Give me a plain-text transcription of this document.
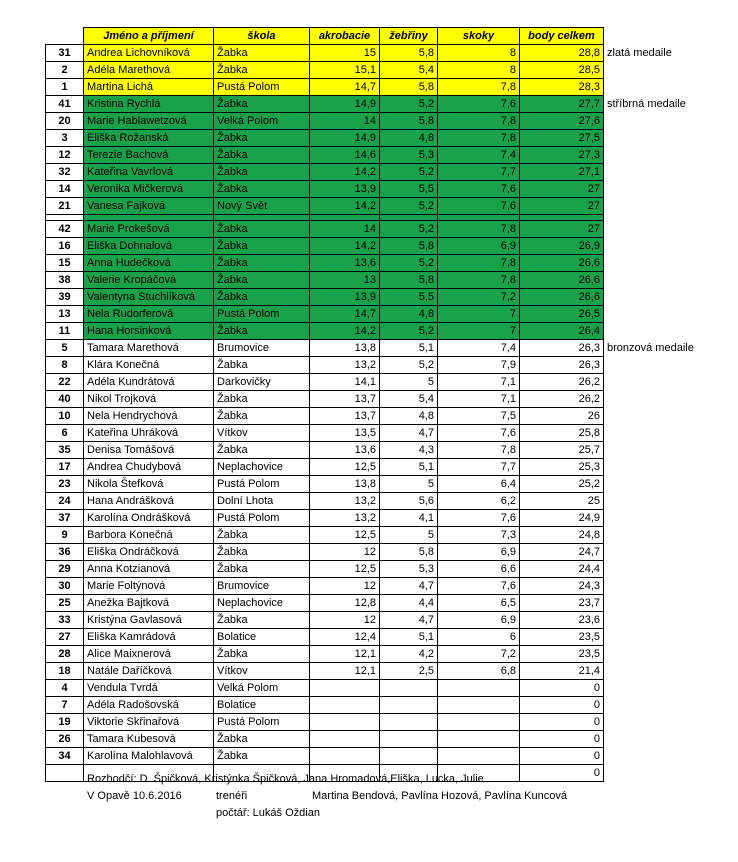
	Jméno a příjmení	škola	akrobacie	žebřiny	skoky	body celkem	
31	Andrea Lichovníková	Žabka	15	5,8	8	28,8	zlatá medaile
2	Adéla Marethová	Žabka	15,1	5,4	8	28,5	
1	Martina Lichá	Pustá Polom	14,7	5,8	7,8	28,3	
41	Kristina Rychlá	Žabka	14,9	5,2	7,6	27,7	stříbrná medaile
20	Marie Hablawetzová	Velká Polom	14	5,8	7,8	27,6	
3	Eliška Rožanská	Žabka	14,9	4,8	7,8	27,5	
12	Terezie Bachová	Žabka	14,6	5,3	7,4	27,3	
32	Kateřina Vavrlová	Žabka	14,2	5,2	7,7	27,1	
14	Veronika Mičkerová	Žabka	13,9	5,5	7,6	27	
21	Vanesa Fajková	Nový Svět	14,2	5,2	7,6	27	

42	Marie Prokešová	Žabka	14	5,2	7,8	27	
16	Eliška Dohnalová	Žabka	14,2	5,8	6,9	26,9	
15	Anna Hudečková	Žabka	13,6	5,2	7,8	26,6	
38	Valerie Kropáčová	Žabka	13	5,8	7,8	26,6	
39	Valentyna Stuchlíková	Žabka	13,9	5,5	7,2	26,6	
13	Nela Rudorferová	Pustá Polom	14,7	4,8	7	26,5	
11	Hana Horsinková	Žabka	14,2	5,2	7	26,4	
5	Tamara Marethová	Brumovice	13,8	5,1	7,4	26,3	bronzová medaile
8	Klára Konečná	Žabka	13,2	5,2	7,9	26,3	
22	Adéla Kundrátová	Darkovičky	14,1	5	7,1	26,2	
40	Nikol Trojková	Žabka	13,7	5,4	7,1	26,2	
10	Nela Hendrychová	Žabka	13,7	4,8	7,5	26	
6	Kateřina Uhráková	Vítkov	13,5	4,7	7,6	25,8	
35	Denisa Tomášová	Žabka	13,6	4,3	7,8	25,7	
17	Andrea Chudybová	Neplachovice	12,5	5,1	7,7	25,3	
23	Nikola Štefková	Pustá Polom	13,8	5	6,4	25,2	
24	Hana Andrášková	Dolní Lhota	13,2	5,6	6,2	25	
37	Karolína Ondrášková	Pustá Polom	13,2	4,1	7,6	24,9	
9	Barbora Konečná	Žabka	12,5	5	7,3	24,8	
36	Eliška Ondráčková	Žabka	12	5,8	6,9	24,7	
29	Anna Kotzianová	Žabka	12,5	5,3	6,6	24,4	
30	Marie Foltýnová	Brumovice	12	4,7	7,6	24,3	
25	Anežka Bajtková	Neplachovice	12,8	4,4	6,5	23,7	
33	Kristýna Gavlasová	Žabka	12	4,7	6,9	23,6	
27	Eliška Kamrádová	Bolatice	12,4	5,1	6	23,5	
28	Alice Maixnerová	Žabka	12,1	4,2	7,2	23,5	
18	Natále Daříčková	Vítkov	12,1	2,5	6,8	21,4	
4	Vendula Tvrdá	Velká Polom				0	
7	Adéla Radošovská	Bolatice				0	
19	Viktorie Skřinařová	Pustá Polom				0	
26	Tamara Kubesová	Žabka				0	
34	Karolína Malohlavová	Žabka				0	
						0	
Rozhodčí: D. Špičková, Kristýnka Špičková, Jana Hromadová,Eliška, Lucka, Julie
V Opavě 10.6.2016	trenéři	Martina Bendová, Pavlína Hozová, Pavlína Kuncová
počtář: Lukáš Oždian
